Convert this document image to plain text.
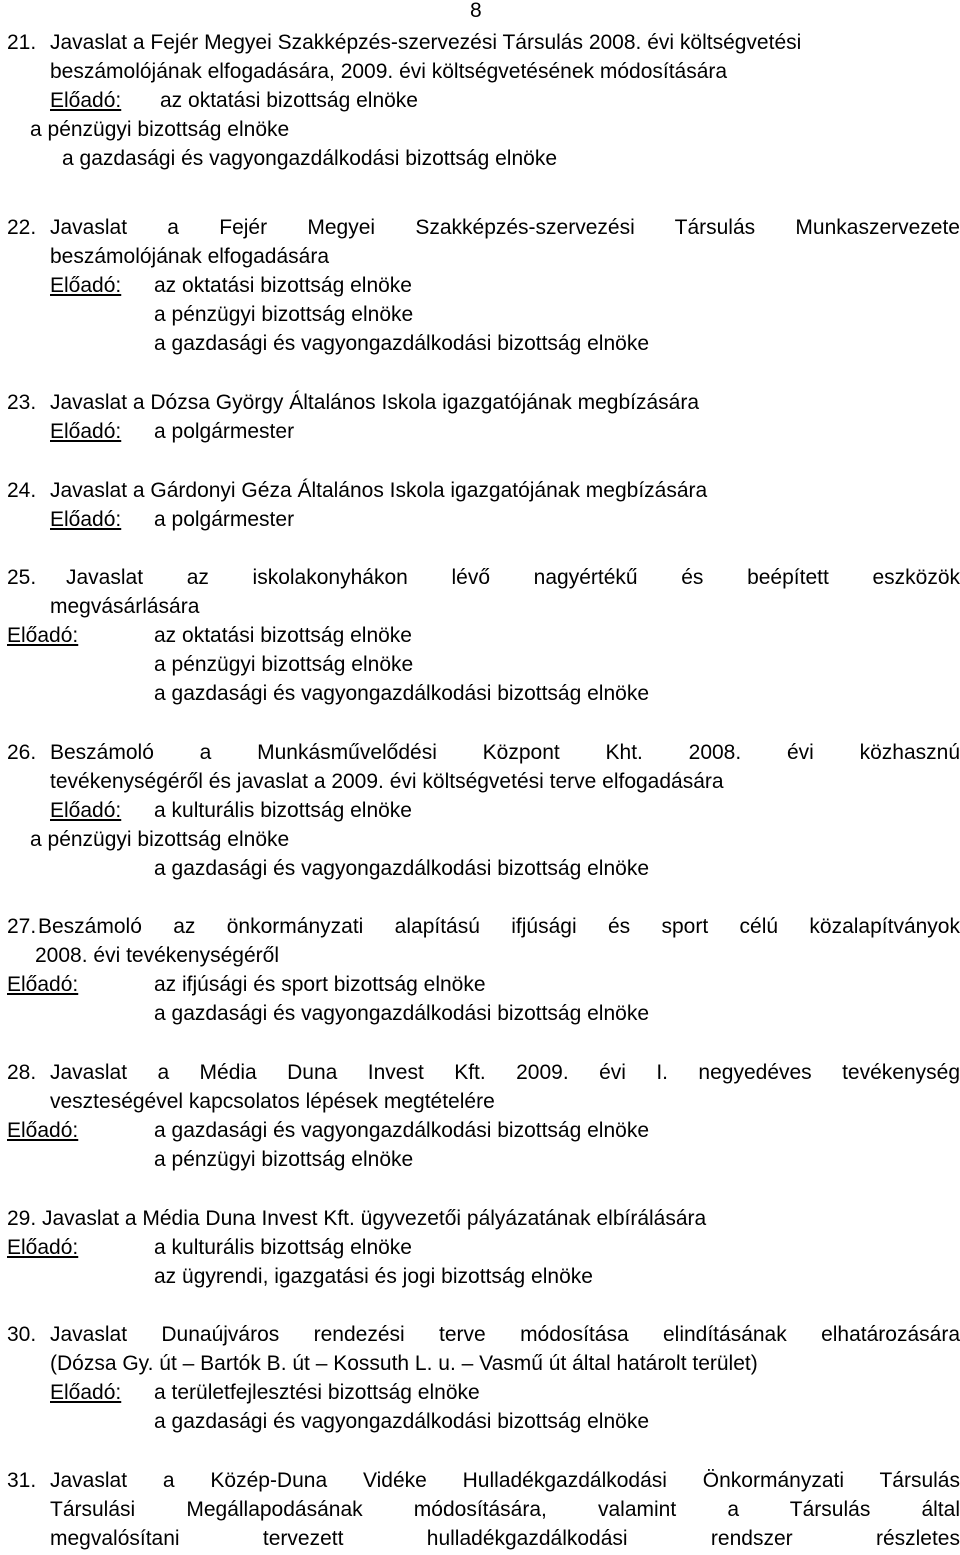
8
21. Javaslat a Fejér Megyei Szakképzés-szervezési Társulás 2008. évi költségvetési
beszámolójának elfogadására, 2009. évi költségvetésének módosítására
Előadó: az oktatási bizottság elnöke
a pénzügyi bizottság elnöke
a gazdasági és vagyongazdálkodási bizottság elnöke
22. Javaslat a Fejér Megyei Szakképzés-szervezési Társulás Munkaszervezete
beszámolójának elfogadására
Előadó: az oktatási bizottság elnöke
a pénzügyi bizottság elnöke
a gazdasági és vagyongazdálkodási bizottság elnöke
23. Javaslat a Dózsa György Általános Iskola igazgatójának megbízására
Előadó: a polgármester
24. Javaslat a Gárdonyi Géza Általános Iskola igazgatójának megbízására
Előadó: a polgármester
25. Javaslat az iskolakonyhákon lévő nagyértékű és beépített eszközök
megvásárlására
Előadó:	az oktatási bizottság elnöke
a pénzügyi bizottság elnöke
a gazdasági és vagyongazdálkodási bizottság elnöke
26. Beszámoló a Munkásművelődési Központ Kht. 2008. évi közhasznú
tevékenységéről és javaslat a 2009. évi költségvetési terve elfogadására
Előadó: a kulturális bizottság elnöke
a pénzügyi bizottság elnöke
a gazdasági és vagyongazdálkodási bizottság elnöke
27. Beszámoló az önkormányzati alapítású ifjúsági és sport célú közalapítványok
2008. évi tevékenységéről
Előadó:	az ifjúsági és sport bizottság elnöke
a gazdasági és vagyongazdálkodási bizottság elnöke
28. Javaslat a Média Duna Invest Kft. 2009. évi I. negyedéves tevékenység
veszteségével kapcsolatos lépések megtételére
Előadó:	a gazdasági és vagyongazdálkodási bizottság elnöke
a pénzügyi bizottság elnöke
29. Javaslat a Média Duna Invest Kft. ügyvezetői pályázatának elbírálására
Előadó:	a kulturális bizottság elnöke
az ügyrendi, igazgatási és jogi bizottság elnöke
30. Javaslat Dunaújváros rendezési terve módosítása elindításának elhatározására
(Dózsa Gy. út – Bartók B. út – Kossuth L. u. – Vasmű út által határolt terület)
Előadó: a területfejlesztési bizottság elnöke
a gazdasági és vagyongazdálkodási bizottság elnöke
31. Javaslat a Közép-Duna Vidéke Hulladékgazdálkodási Önkormányzati Társulás
Társulási Megállapodásának módosítására, valamint a Társulás által
megvalósítani tervezett hulladékgazdálkodási rendszer részletes
